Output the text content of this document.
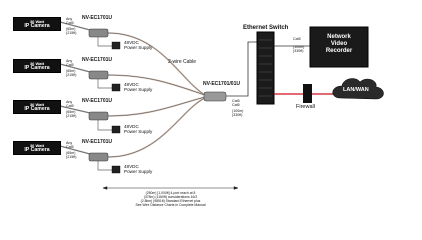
36 Watt
IP Camera
36 Watt
IP Camera
36 Watt
IP Camera
36 Watt
IP Camera
NV-EC1701U
NV-EC1701U
NV-EC1701U
NV-EC1701U
Any
Cat5
(65m)
(215ft)
Any
Cat5
(65m)
(215ft)
Any
Cat5
(65m)
(215ft)
Any
Cat5
(65m)
(215ft)
48VDC
Power Supply
48VDC
Power Supply
48VDC
Power Supply
48VDC
Power Supply
2-wire Cable
NV-EC1701/01U
Cat5
Cat5
(100m)
(330ft)
Ethernet Switch
Cat5
(100m)
(330ft)
Network
Video
Recorder
Firewall
LAN/WAN
(250m) [1,000ft] 4-port reach at 8
(375m) (1160ft) considerations 16/2
(2.8km) (9851ft) Standard Ethernet plus
See Wire Distance Charts in Complete Manual
